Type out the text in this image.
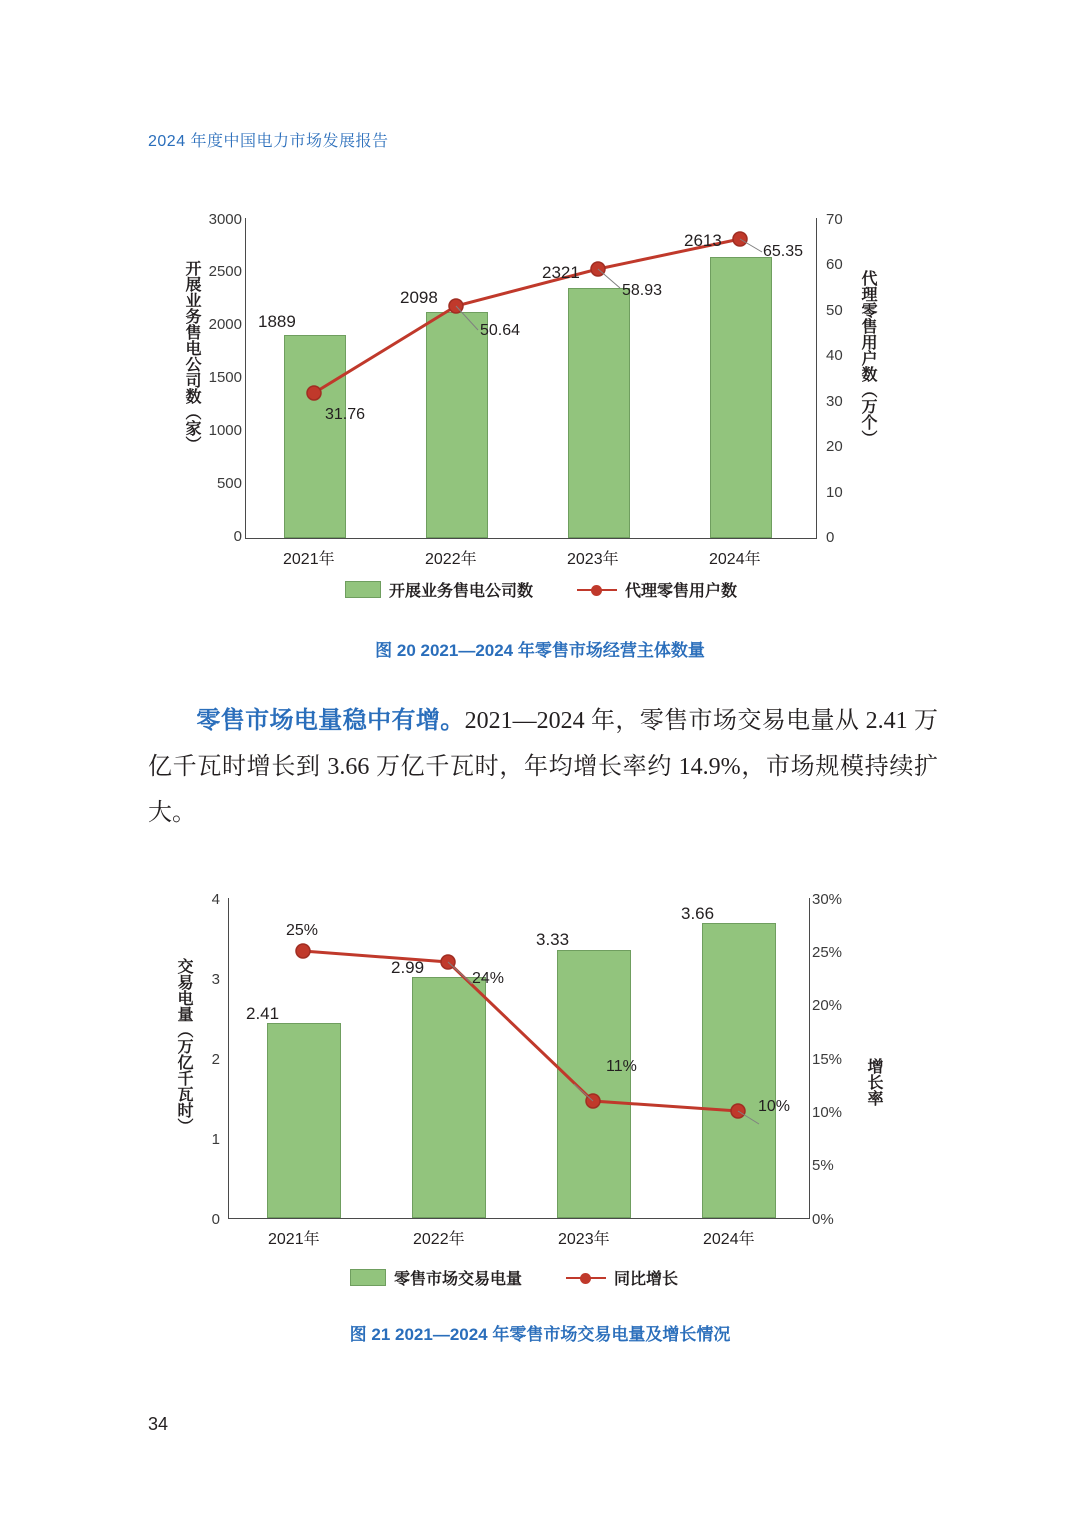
2024 年度中国电力市场发展报告
开展业务售电公司数（家）	代理零售用户数（万个）
3000
2500
2000
1500
1000
500
0
70
60
50
40
30
20
10
0
1889
2098
2321
2613
31.76
50.64
58.93
65.35
2021年	2022年	2023年	2024年
开展业务售电公司数	代理零售用户数
图 20 2021—2024 年零售市场经营主体数量
零售市场电量稳中有增。2021—2024 年，零售市场交易电量从 2.41 万亿千瓦时增长到 3.66 万亿千瓦时，年均增长率约 14.9%，市场规模持续扩大。
交易电量（万亿千瓦时）	增长率
4
3
2
1
0
30%
25%
20%
15%
10%
5%
0%
2.41
2.99
3.33
3.66
25%
24%
11%
10%
2021年	2022年	2023年	2024年
零售市场交易电量	同比增长
图 21 2021—2024 年零售市场交易电量及增长情况
34
